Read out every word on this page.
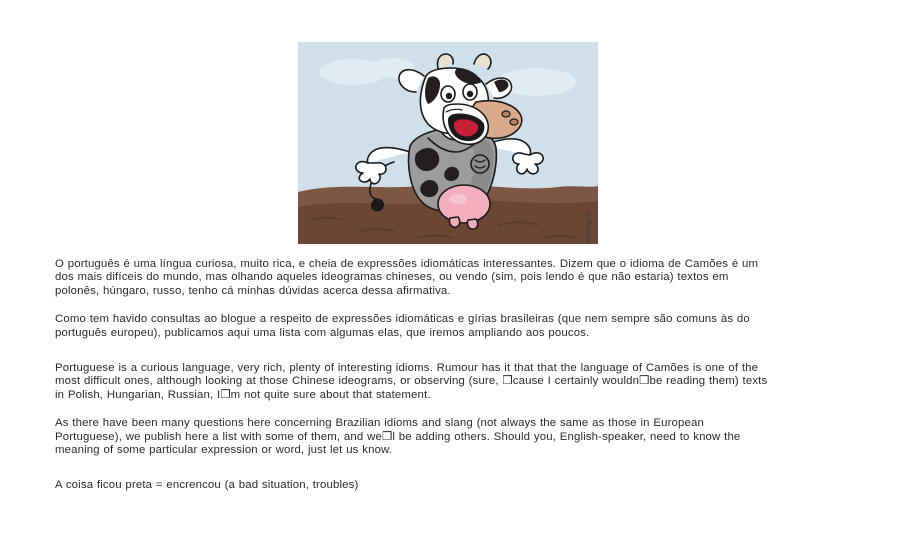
Maragoni

O português é uma língua curiosa, muito rica, e cheia de expressões idiomáticas interessantes. Dizem que o idioma de Camões é um dos mais difíceis do mundo, mas olhando aqueles ideogramas chineses, ou vendo (sim, pois lendo é que não estaria) textos em polonês, húngaro, russo, tenho cá minhas dúvidas acerca dessa afirmativa.

Como tem havido consultas ao blogue a respeito de expressões idiomáticas e gírias brasileiras (que nem sempre são comuns às do português europeu), publicamos aqui uma lista com algumas elas, que iremos ampliando aos poucos.

Portuguese is a curious language, very rich, plenty of interesting idioms. Rumour has it that that the language of Camões is one of the most difficult ones, although looking at those Chinese ideograms, or observing (sure, ❒cause I certainly wouldn❒be reading them) texts in Polish, Hungarian, Russian, I❒m not quite sure about that statement.

As there have been many questions here concerning Brazilian idioms and slang (not always the same as those in European Portuguese), we publish here a list with some of them, and we❒l be adding others. Should you, English-speaker, need to know the meaning of some particular expression or word, just let us know.

A coisa ficou preta = encrencou (a bad situation, troubles)
